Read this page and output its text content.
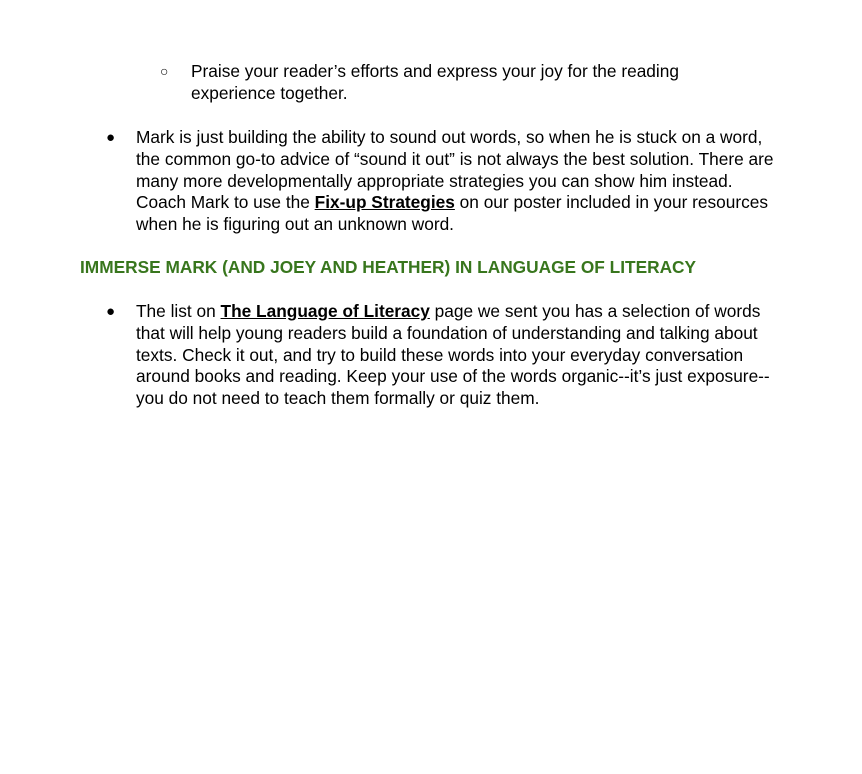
○	Praise your reader’s efforts and express your joy for the reading experience together.
●	Mark is just building the ability to sound out words, so when he is stuck on a word, the common go-to advice of “sound it out” is not always the best solution. There are many more developmentally appropriate strategies you can show him instead. Coach Mark to use the Fix-up Strategies on our poster included in your resources when he is figuring out an unknown word.
IMMERSE MARK (AND JOEY AND HEATHER) IN LANGUAGE OF LITERACY
●	The list on The Language of Literacy page we sent you has a selection of words that will help young readers build a foundation of understanding and talking about texts. Check it out, and try to build these words into your everyday conversation around books and reading. Keep your use of the words organic--it’s just exposure--you do not need to teach them formally or quiz them.
